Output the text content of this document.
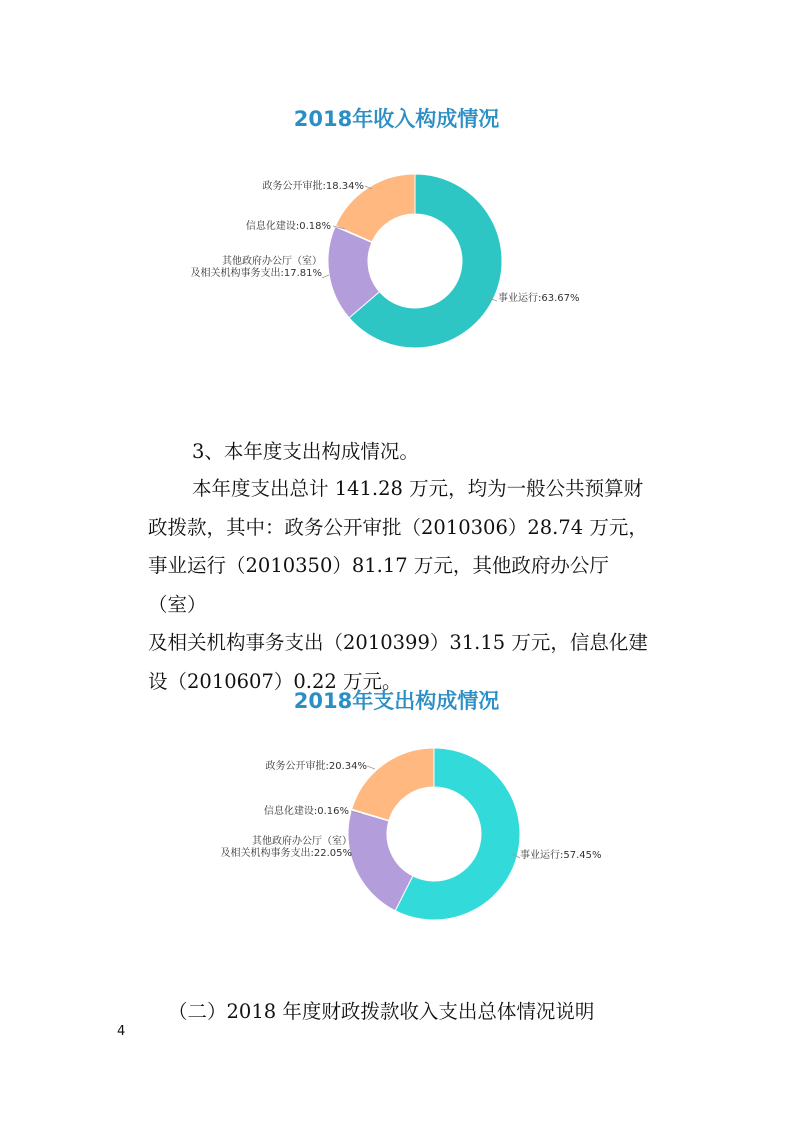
2018年收入构成情况
事业运行:63.67%
其他政府办公厅（室）
及相关机构事务支出:17.81%
信息化建设:0.18%
政务公开审批:18.34%
3、本年度支出构成情况。
本年度支出总计 141.28 万元，均为一般公共预算财
政拨款，其中：政务公开审批（2010306）28.74 万元，
事业运行（2010350）81.17 万元，其他政府办公厅（室）
及相关机构事务支出（2010399）31.15 万元，信息化建
设（2010607）0.22 万元。
2018年支出构成情况
事业运行:57.45%
其他政府办公厅（室）
及相关机构事务支出:22.05%
信息化建设:0.16%
政务公开审批:20.34%
（二）2018 年度财政拨款收入支出总体情况说明
4
